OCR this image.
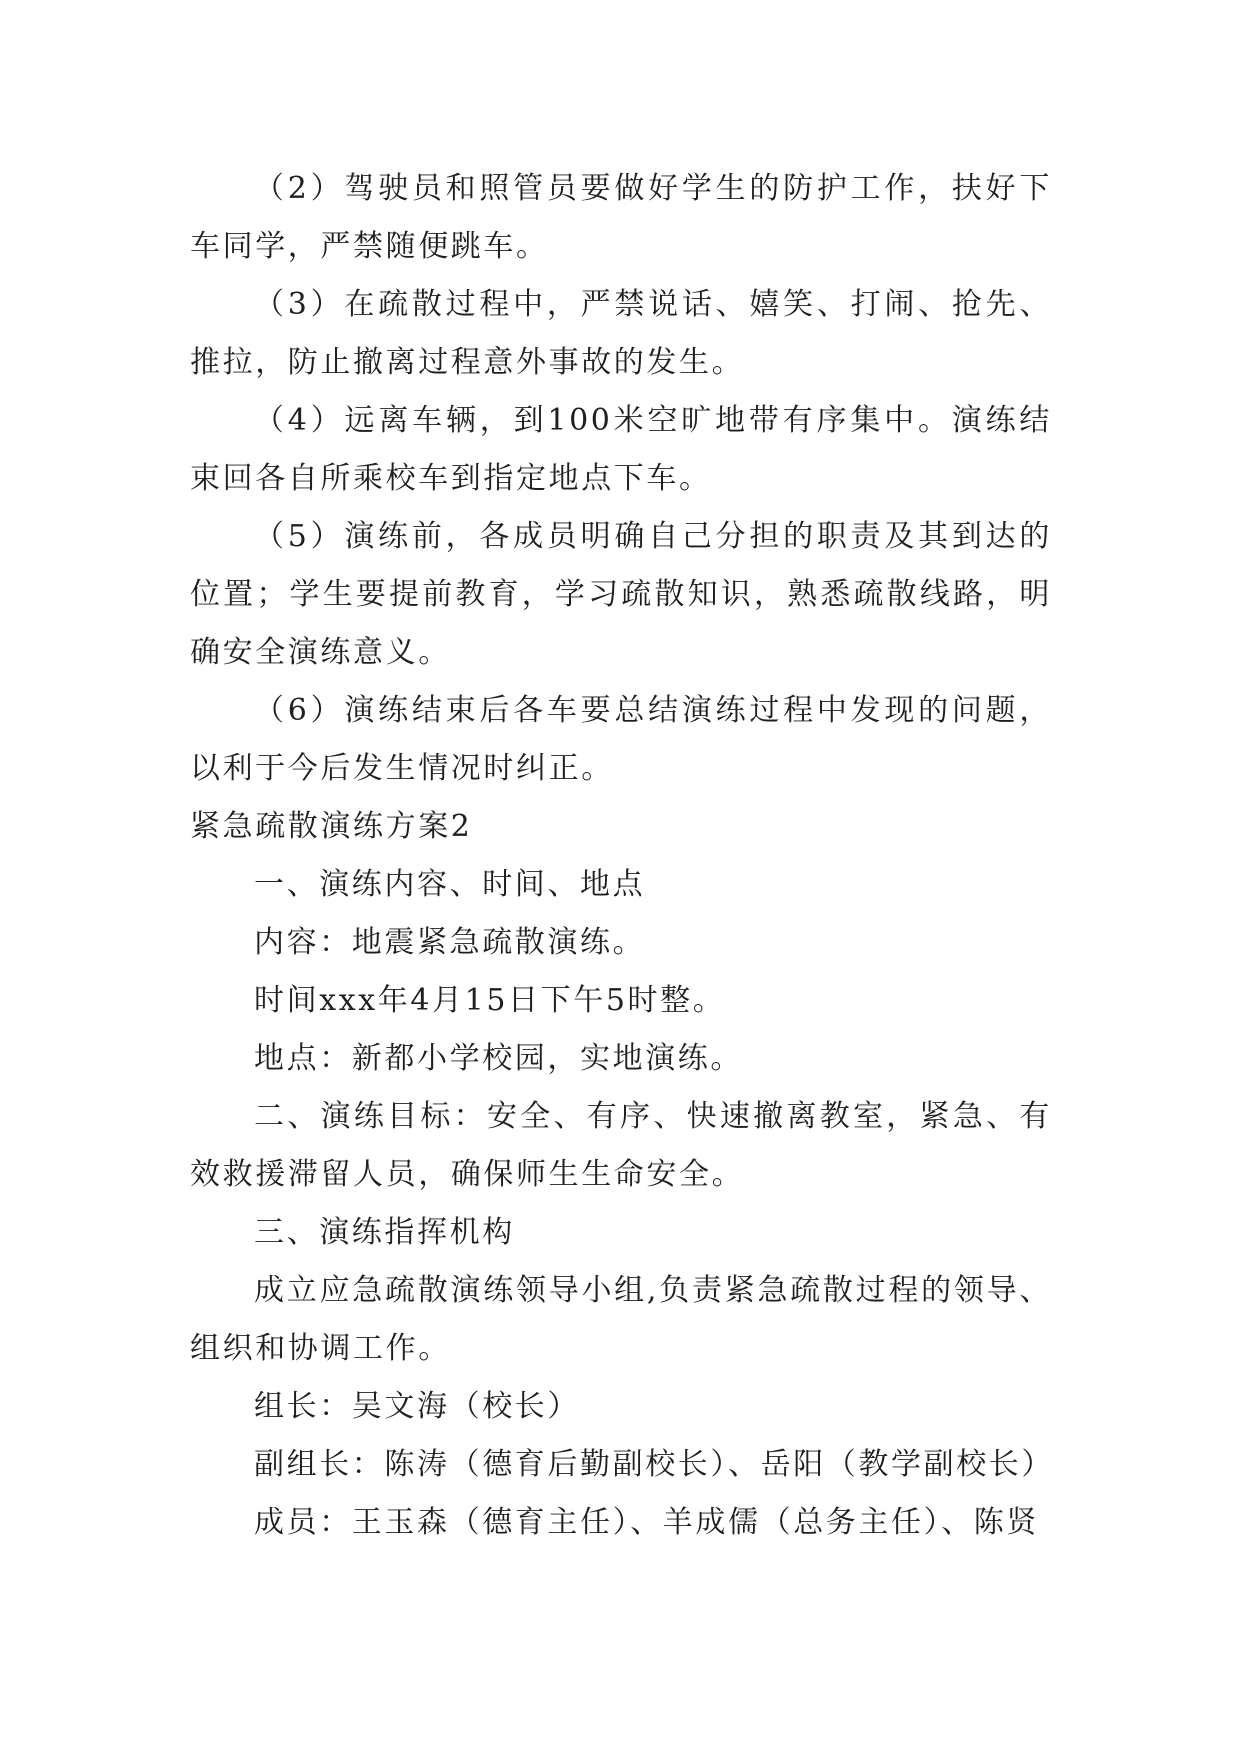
（2）驾驶员和照管员要做好学生的防护工作，扶好下车同学，严禁随便跳车。

（3）在疏散过程中，严禁说话、嬉笑、打闹、抢先、推拉，防止撤离过程意外事故的发生。

（4）远离车辆，到100米空旷地带有序集中。演练结束回各自所乘校车到指定地点下车。

（5）演练前，各成员明确自己分担的职责及其到达的位置；学生要提前教育，学习疏散知识，熟悉疏散线路，明确安全演练意义。

（6）演练结束后各车要总结演练过程中发现的问题，以利于今后发生情况时纠正。

紧急疏散演练方案2

一、演练内容、时间、地点

内容：地震紧急疏散演练。

时间xxx年4月15日下午5时整。

地点：新都小学校园，实地演练。

二、演练目标：安全、有序、快速撤离教室，紧急、有效救援滞留人员，确保师生生命安全。

三、演练指挥机构

成立应急疏散演练领导小组,负责紧急疏散过程的领导、组织和协调工作。

组长：吴文海（校长）

副组长：陈涛（德育后勤副校长）、岳阳（教学副校长）

成员：王玉森（德育主任）、羊成儒（总务主任）、陈贤
